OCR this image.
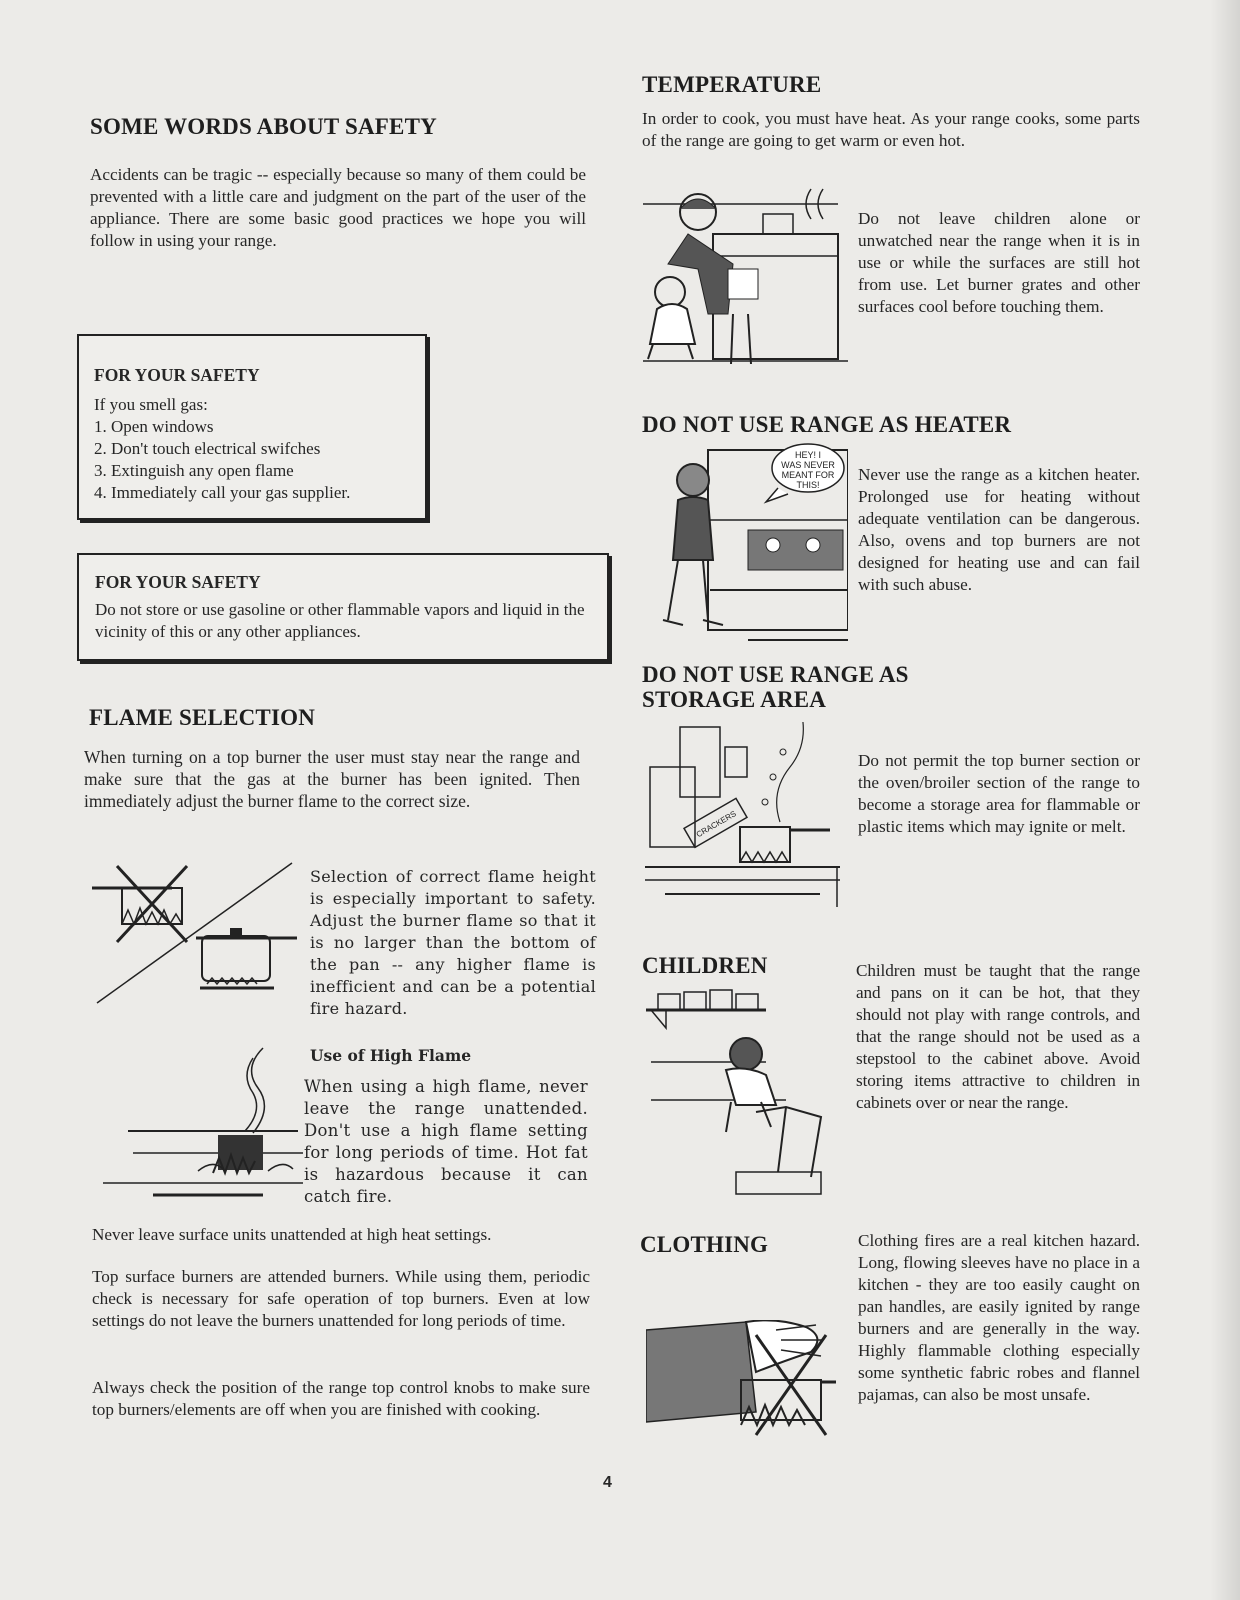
SOME WORDS ABOUT SAFETY

Accidents can be tragic -- especially because so many of them could be prevented with a little care and judgment on the part of the user of the appliance. There are some basic good practices we hope you will follow in using your range.

FOR YOUR SAFETY
If you smell gas:
1. Open windows
2. Don't touch electrical swifches
3. Extinguish any open flame
4. Immediately call your gas supplier.
FOR YOUR SAFETY
Do not store or use gasoline or other flammable vapors and liquid in the vicinity of this or any other appliances.
FLAME SELECTION

When turning on a top burner the user must stay near the range and make sure that the gas at the burner has been ignited. Then immediately adjust the burner flame to the correct size.

Selection of correct flame height is especially important to safety. Adjust the burner flame so that it is no larger than the bottom of the pan -- any higher flame is inefficient and can be a potential fire hazard.

Use of High Flame

When using a high flame, never leave the range unattended. Don't use a high flame setting for long periods of time. Hot fat is hazardous because it can catch fire.

Never leave surface units unattended at high heat settings.

Top surface burners are attended burners. While using them, periodic check is necessary for safe operation of top burners. Even at low settings do not leave the burners unattended for long periods of time.

Always check the position of the range top control knobs to make sure top burners/elements are off when you are finished with cooking.

TEMPERATURE

In order to cook, you must have heat. As your range cooks, some parts of the range are going to get warm or even hot.

Do not leave children alone or unwatched near the range when it is in use or while the surfaces are still hot from use. Let burner grates and other surfaces cool before touching them.

DO NOT USE RANGE AS HEATER
HEY! I
WAS NEVER
MEANT FOR
THIS!

Never use the range as a kitchen heater. Prolonged use for heating without adequate ventilation can be dangerous. Also, ovens and top burners are not designed for heating use and can fail with such abuse.

DO NOT USE RANGE AS STORAGE AREA
CRACKERS

Do not permit the top burner section or the oven/broiler section of the range to become a storage area for flammable or plastic items which may ignite or melt.

CHILDREN	Children must be taught that the range and pans on it can be hot, that they should not play with range controls, and that the range should not be used as a stepstool to the cabinet above. Avoid storing items attractive to children in cabinets over or near the range.

CLOTHING	Clothing fires are a real kitchen hazard. Long, flowing sleeves have no place in a kitchen - they are too easily caught on pan handles, are easily ignited by range burners and are generally in the way. Highly flammable clothing especially some synthetic fabric robes and flannel pajamas, can also be most unsafe.

4
